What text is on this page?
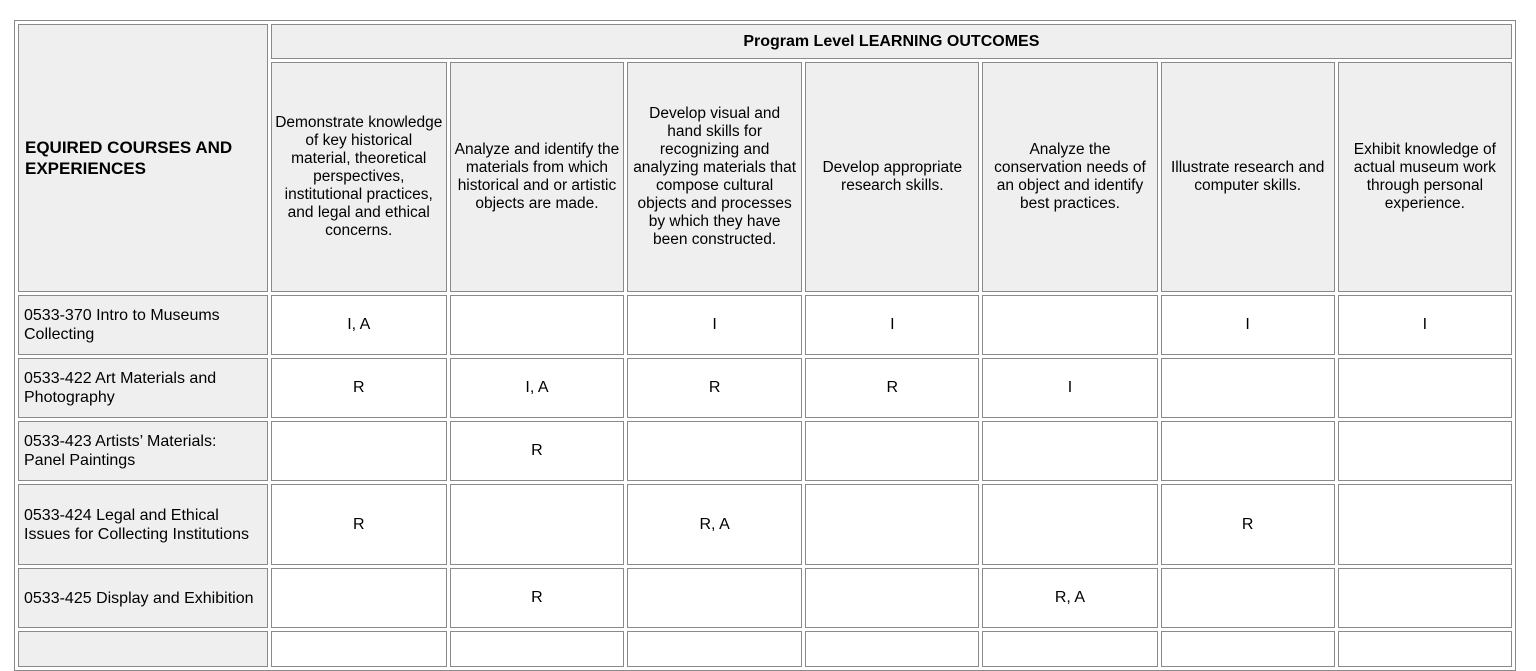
EQUIRED COURSES AND EXPERIENCES	Program Level LEARNING OUTCOMES						
	Demonstrate knowledge of key historical material, theoretical perspectives, institutional practices, and legal and ethical concerns.	Analyze and identify the materials from which historical and or artistic objects are made.	Develop visual and hand skills for recognizing and analyzing materials that compose cultural objects and processes by which they have been constructed.	Develop appropriate research skills.	Analyze the conservation needs of an object and identify best practices.	Illustrate research and computer skills.	Exhibit knowledge of actual museum work through personal experience.
0533-370 Intro to Museums Collecting	I, A		I	I		I	I
0533-422 Art Materials and Photography	R	I, A	R	R	I		
0533-423 Artists’ Materials: Panel Paintings		R					
0533-424 Legal and Ethical Issues for Collecting Institutions	R		R, A			R	
0533-425 Display and Exhibition		R			R, A		
